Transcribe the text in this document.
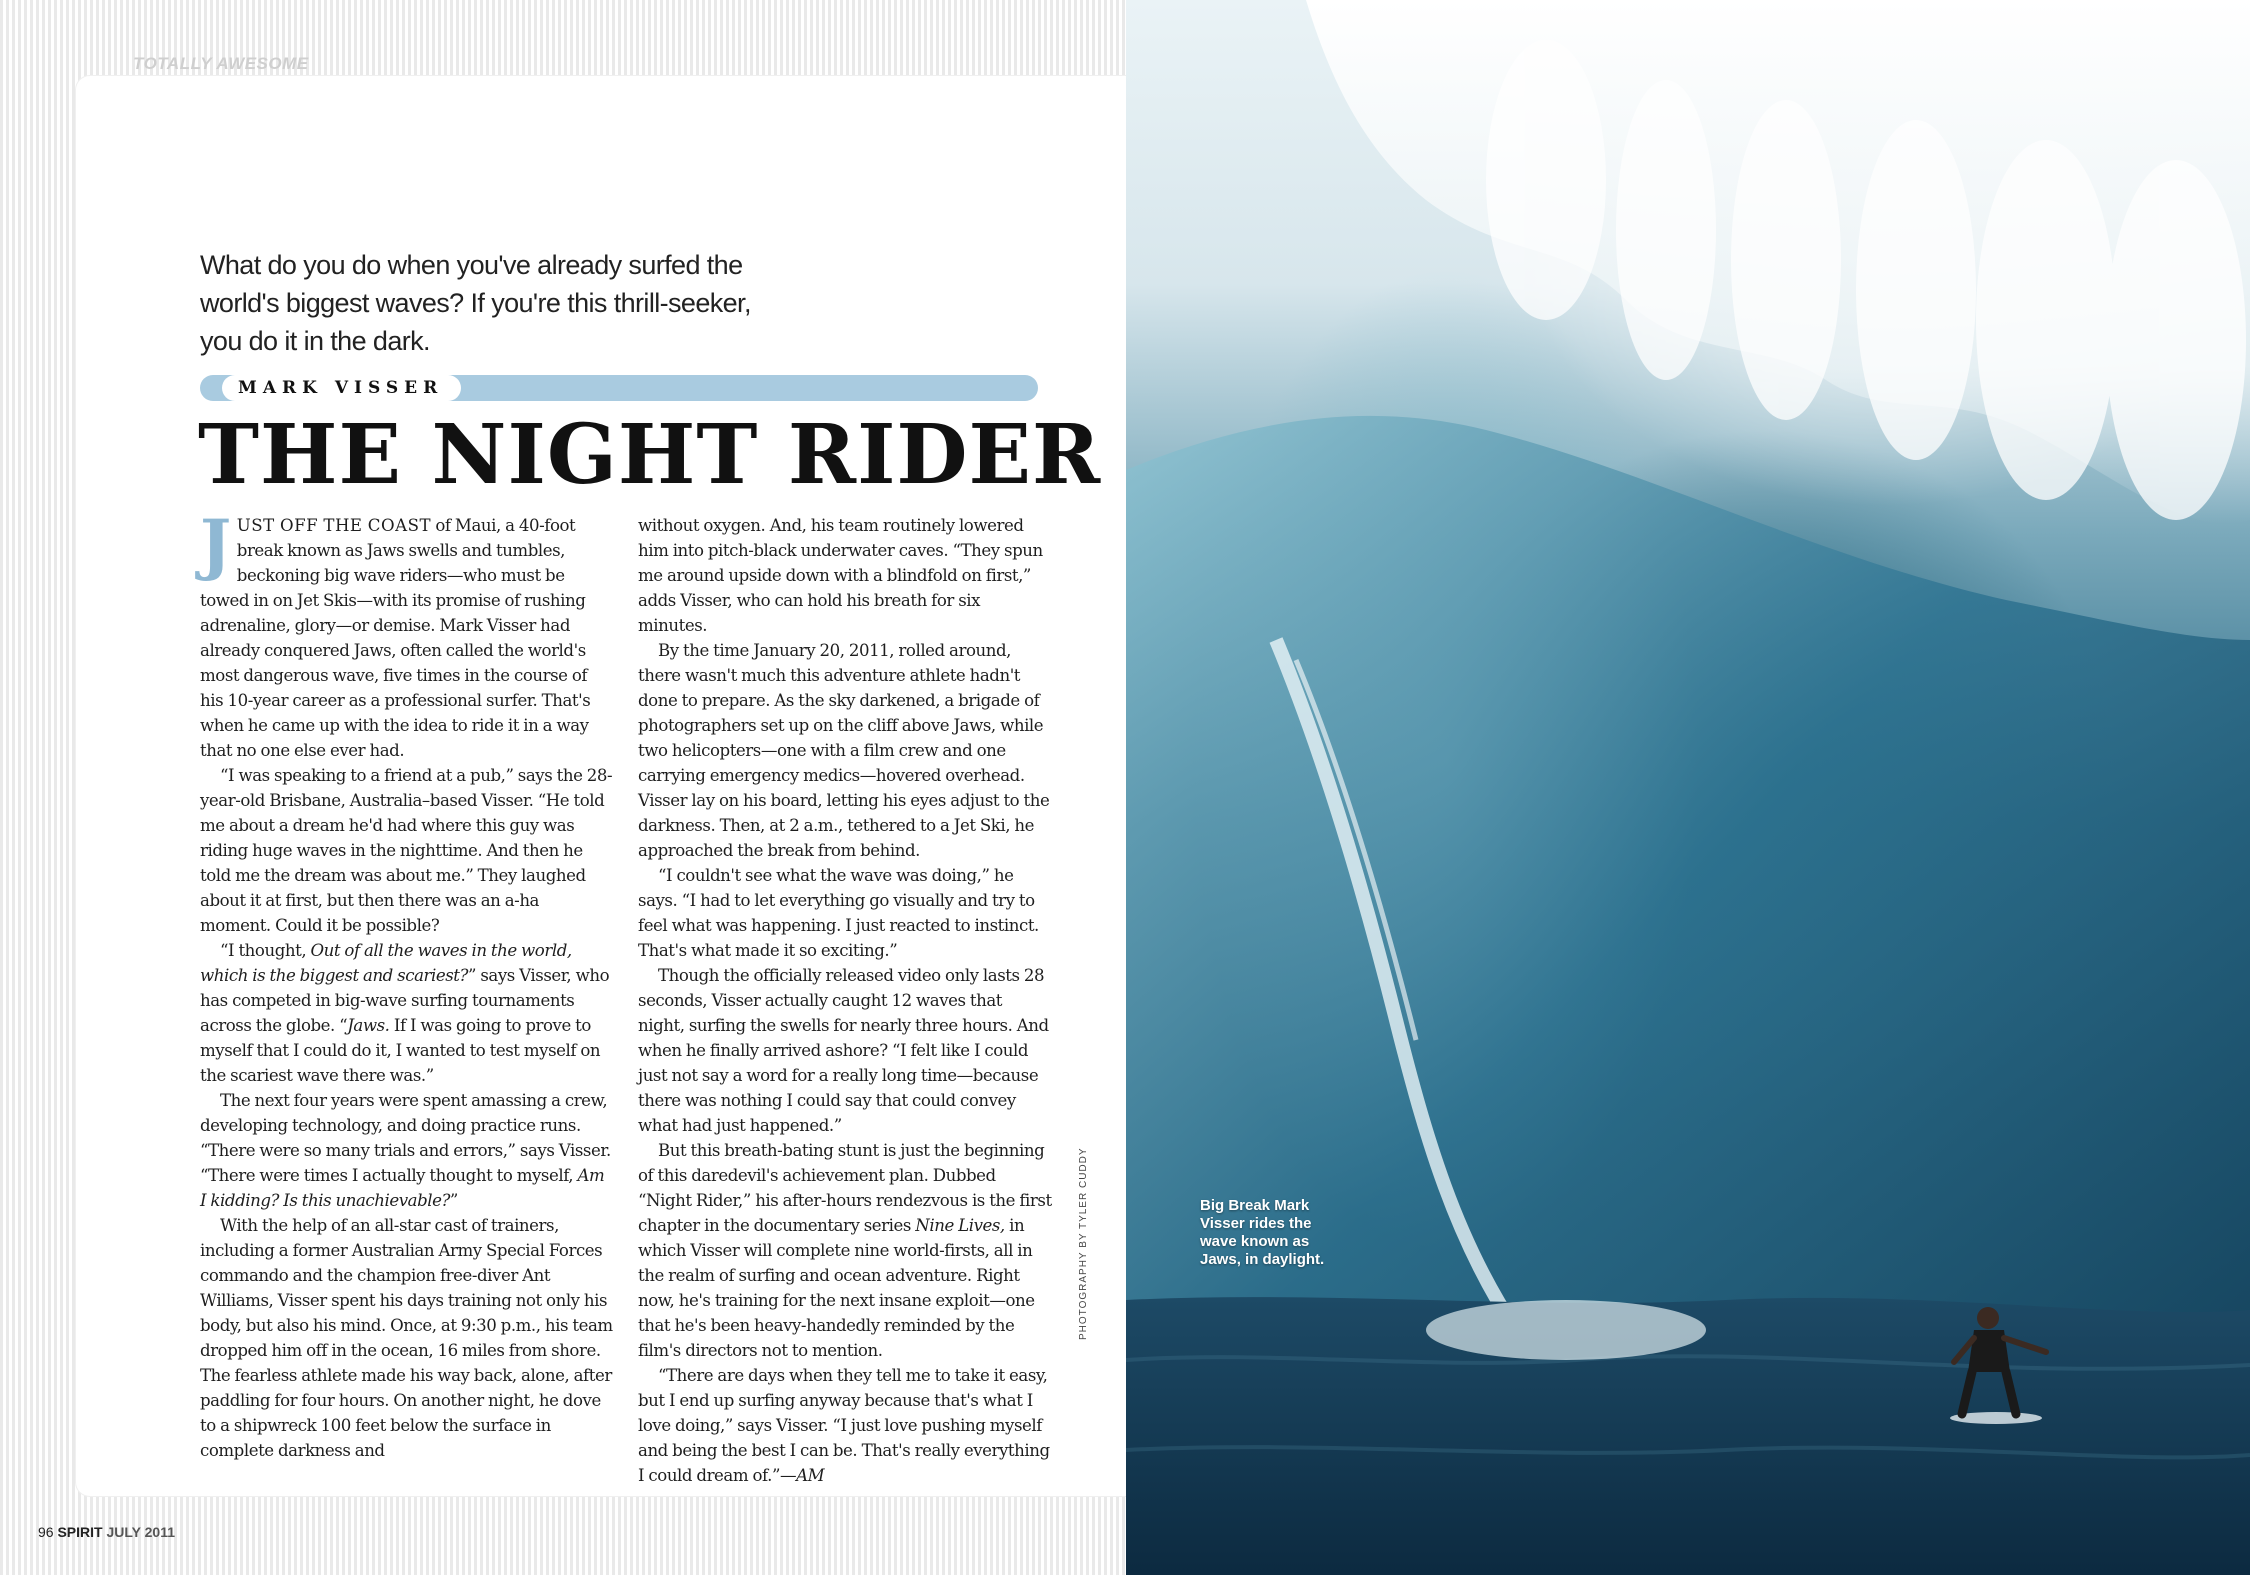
TOTALLY AWESOME
What do you do when you've already surfed the world's biggest waves? If you're this thrill-seeker, you do it in the dark.
MARK VISSER
THE NIGHT RIDER

JUST OFF THE COAST of Maui, a 40-foot break known as Jaws swells and tumbles, beckoning big wave riders—who must be towed in on Jet Skis—with its promise of rushing adrenaline, glory—or demise. Mark Visser had already conquered Jaws, often called the world's most dangerous wave, five times in the course of his 10-year career as a professional surfer. That's when he came up with the idea to ride it in a way that no one else ever had.

“I was speaking to a friend at a pub,” says the 28-year-old Brisbane, Australia–based Visser. “He told me about a dream he'd had where this guy was riding huge waves in the nighttime. And then he told me the dream was about me.” They laughed about it at first, but then there was an a-ha moment. Could it be possible?

“I thought, Out of all the waves in the world, which is the biggest and scariest?” says Visser, who has competed in big-wave surfing tournaments across the globe. “Jaws. If I was going to prove to myself that I could do it, I wanted to test myself on the scariest wave there was.”

The next four years were spent amassing a crew, developing technology, and doing practice runs. “There were so many trials and errors,” says Visser. “There were times I actually thought to myself, Am I kidding? Is this unachievable?”

With the help of an all-star cast of trainers, including a former Australian Army Special Forces commando and the champion free-diver Ant Williams, Visser spent his days training not only his body, but also his mind. Once, at 9:30 p.m., his team dropped him off in the ocean, 16 miles from shore. The fearless athlete made his way back, alone, after paddling for four hours. On another night, he dove to a shipwreck 100 feet below the surface in complete darkness and

without oxygen. And, his team routinely lowered him into pitch-black underwater caves. “They spun me around upside down with a blindfold on first,” adds Visser, who can hold his breath for six minutes.

By the time January 20, 2011, rolled around, there wasn't much this adventure athlete hadn't done to prepare. As the sky darkened, a brigade of photographers set up on the cliff above Jaws, while two helicopters—one with a film crew and one carrying emergency medics—hovered overhead. Visser lay on his board, letting his eyes adjust to the darkness. Then, at 2 a.m., tethered to a Jet Ski, he approached the break from behind.

“I couldn't see what the wave was doing,” he says. “I had to let everything go visually and try to feel what was happening. I just reacted to instinct. That's what made it so exciting.”

Though the officially released video only lasts 28 seconds, Visser actually caught 12 waves that night, surfing the swells for nearly three hours. And when he finally arrived ashore? “I felt like I could just not say a word for a really long time—because there was nothing I could say that could convey what had just happened.”

But this breath-bating stunt is just the beginning of this daredevil's achievement plan. Dubbed “Night Rider,” his after-hours rendezvous is the first chapter in the documentary series Nine Lives, in which Visser will complete nine world-firsts, all in the realm of surfing and ocean adventure. Right now, he's training for the next insane exploit—one that he's been heavy-handedly reminded by the film's directors not to mention.

“There are days when they tell me to take it easy, but I end up surfing anyway because that's what I love doing,” says Visser. “I just love pushing myself and being the best I can be. That's really everything I could dream of.”—AM

PHOTOGRAPHY BY TYLER CUDDY
96 SPIRIT JULY 2011
Big Break Mark Visser rides the wave known as Jaws, in daylight.
